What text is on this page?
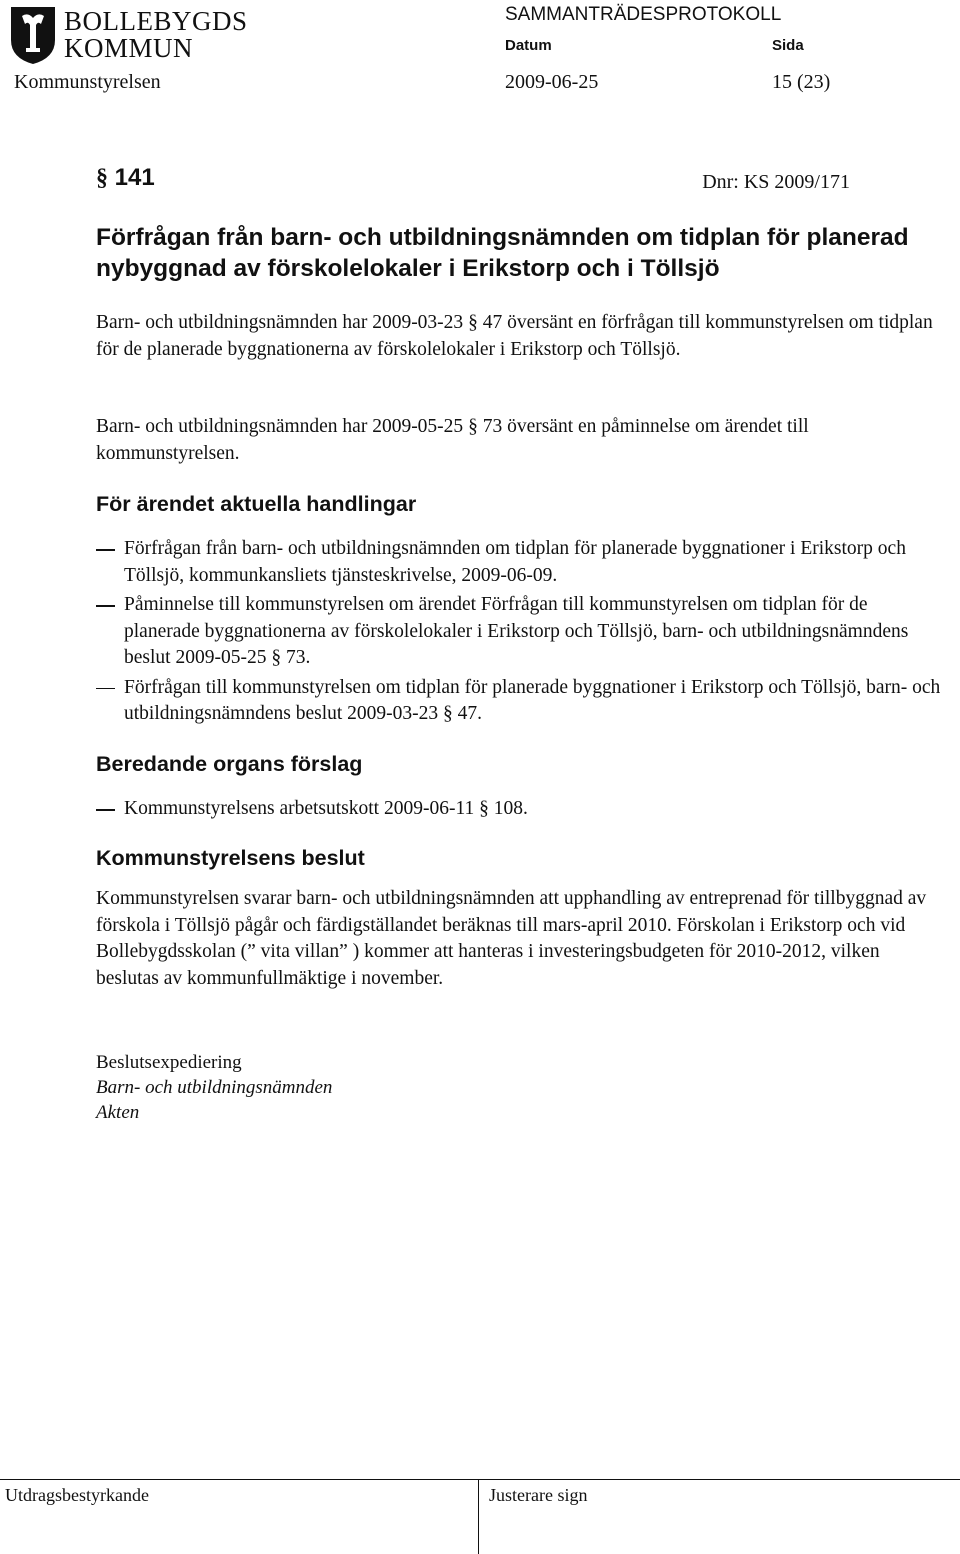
BOLLEBYGDS
KOMMUN
SAMMANTRÄDESPROTOKOLL
Datum	Sida
Kommunstyrelsen	2009-06-25	15 (23)
§ 141	Dnr: KS 2009/171
Förfrågan från barn- och utbildningsnämnden om tidplan för planerad nybyggnad av förskolelokaler i Erikstorp och i Töllsjö

Barn- och utbildningsnämnden har 2009-03-23 § 47 översänt en förfrågan till kommunstyrelsen om tidplan för de planerade byggnationerna av förskolelokaler i Erikstorp och Töllsjö.

Barn- och utbildningsnämnden har 2009-05-25 § 73 översänt en påminnelse om ärendet till kommunstyrelsen.

För ärendet aktuella handlingar
Förfrågan från barn- och utbildningsnämnden om tidplan för planerade byggnationer i Erikstorp och Töllsjö, kommunkansliets tjänsteskrivelse, 2009-06-09.
Påminnelse till kommunstyrelsen om ärendet Förfrågan till kommunstyrelsen om tidplan för de planerade byggnationerna av förskolelokaler i Erikstorp och Töllsjö, barn- och utbildningsnämndens beslut 2009-05-25 § 73.
Förfrågan till kommunstyrelsen om tidplan för planerade byggnationer i Erikstorp och Töllsjö, barn- och utbildningsnämndens beslut 2009-03-23 § 47.
Beredande organs förslag
Kommunstyrelsens arbetsutskott 2009-06-11 § 108.
Kommunstyrelsens beslut

Kommunstyrelsen svarar barn- och utbildningsnämnden att upphandling av entreprenad för tillbyggnad av förskola i Töllsjö pågår och färdigställandet beräknas till mars-april 2010. Förskolan i Erikstorp och vid Bollebygdsskolan (” vita villan” ) kommer att hanteras i investeringsbudgeten för 2010-2012, vilken beslutas av kommunfullmäktige i november.

Beslutsexpediering
Barn- och utbildningsnämnden
Akten
Utdragsbestyrkande	Justerare sign
